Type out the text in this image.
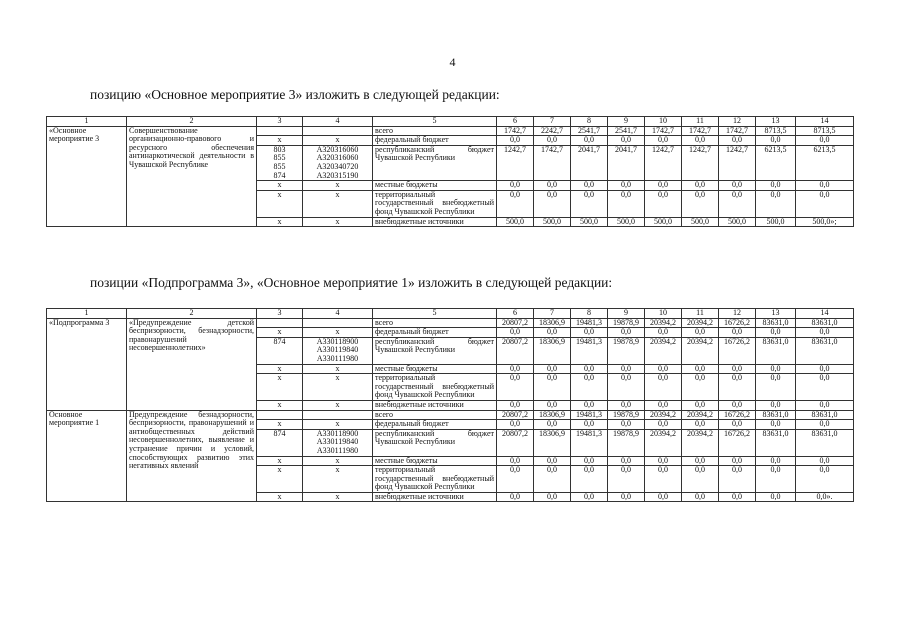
4
позицию «Основное мероприятие 3» изложить в следующей редакции:
позиции «Подпрограмма 3», «Основное мероприятие 1» изложить в следующей редакции:
1	2	3	4	5	6	7	8	9	10	11	12	13	14
«Основное мероприятие 3	Совершенствование организационно-правового и ресурсного обеспечения антинаркотической деятельности в Чувашской Республике			всего	1742,7	2242,7	2541,7	2541,7	1742,7	1742,7	1742,7	8713,5	8713,5
		x	x	федеральный бюджет	0,0	0,0	0,0	0,0	0,0	0,0	0,0	0,0	0,0
		803
855
855
874	А320316060
А320316060
А320340720
А320315190	республиканский бюджет Чувашской Республики	1242,7	1742,7	2041,7	2041,7	1242,7	1242,7	1242,7	6213,5	6213,5
		x	x	местные бюджеты	0,0	0,0	0,0	0,0	0,0	0,0	0,0	0,0	0,0
		x	x	территориальный государственный внебюджетный фонд Чувашской Республики	0,0	0,0	0,0	0,0	0,0	0,0	0,0	0,0	0,0
		x	x	внебюджетные источники	500,0	500,0	500,0	500,0	500,0	500,0	500,0	500,0	500,0»;
1	2	3	4	5	6	7	8	9	10	11	12	13	14
«Подпрограмма 3	«Предупреждение детской беспризорности, безнадзорности, правонарушений несовершеннолетних»			всего	20807,2	18306,9	19481,3	19878,9	20394,2	20394,2	16726,2	83631,0	83631,0
		x	x	федеральный бюджет	0,0	0,0	0,0	0,0	0,0	0,0	0,0	0,0	0,0
		874	А330118900
А330119840
А330111980	республиканский бюджет Чувашской Республики	20807,2	18306,9	19481,3	19878,9	20394,2	20394,2	16726,2	83631,0	83631,0
		x	x	местные бюджеты	0,0	0,0	0,0	0,0	0,0	0,0	0,0	0,0	0,0
		x	x	территориальный государственный внебюджетный фонд Чувашской Республики	0,0	0,0	0,0	0,0	0,0	0,0	0,0	0,0	0,0
		x	x	внебюджетные источники	0,0	0,0	0,0	0,0	0,0	0,0	0,0	0,0	0,0
Основное мероприятие 1	Предупреждение безнадзорности, беспризорности, правонарушений и антиобщественных действий несовершеннолетних, выявление и устранение причин и условий, способствующих развитию этих негативных явлений			всего	20807,2	18306,9	19481,3	19878,9	20394,2	20394,2	16726,2	83631,0	83631,0
		x	x	федеральный бюджет	0,0	0,0	0,0	0,0	0,0	0,0	0,0	0,0	0,0
		874	А330118900
А330119840
А330111980	республиканский бюджет Чувашской Республики	20807,2	18306,9	19481,3	19878,9	20394,2	20394,2	16726,2	83631,0	83631,0
		x	x	местные бюджеты	0,0	0,0	0,0	0,0	0,0	0,0	0,0	0,0	0,0
		x	x	территориальный государственный внебюджетный фонд Чувашской Республики	0,0	0,0	0,0	0,0	0,0	0,0	0,0	0,0	0,0
		x	x	внебюджетные источники	0,0	0,0	0,0	0,0	0,0	0,0	0,0	0,0	0,0».
